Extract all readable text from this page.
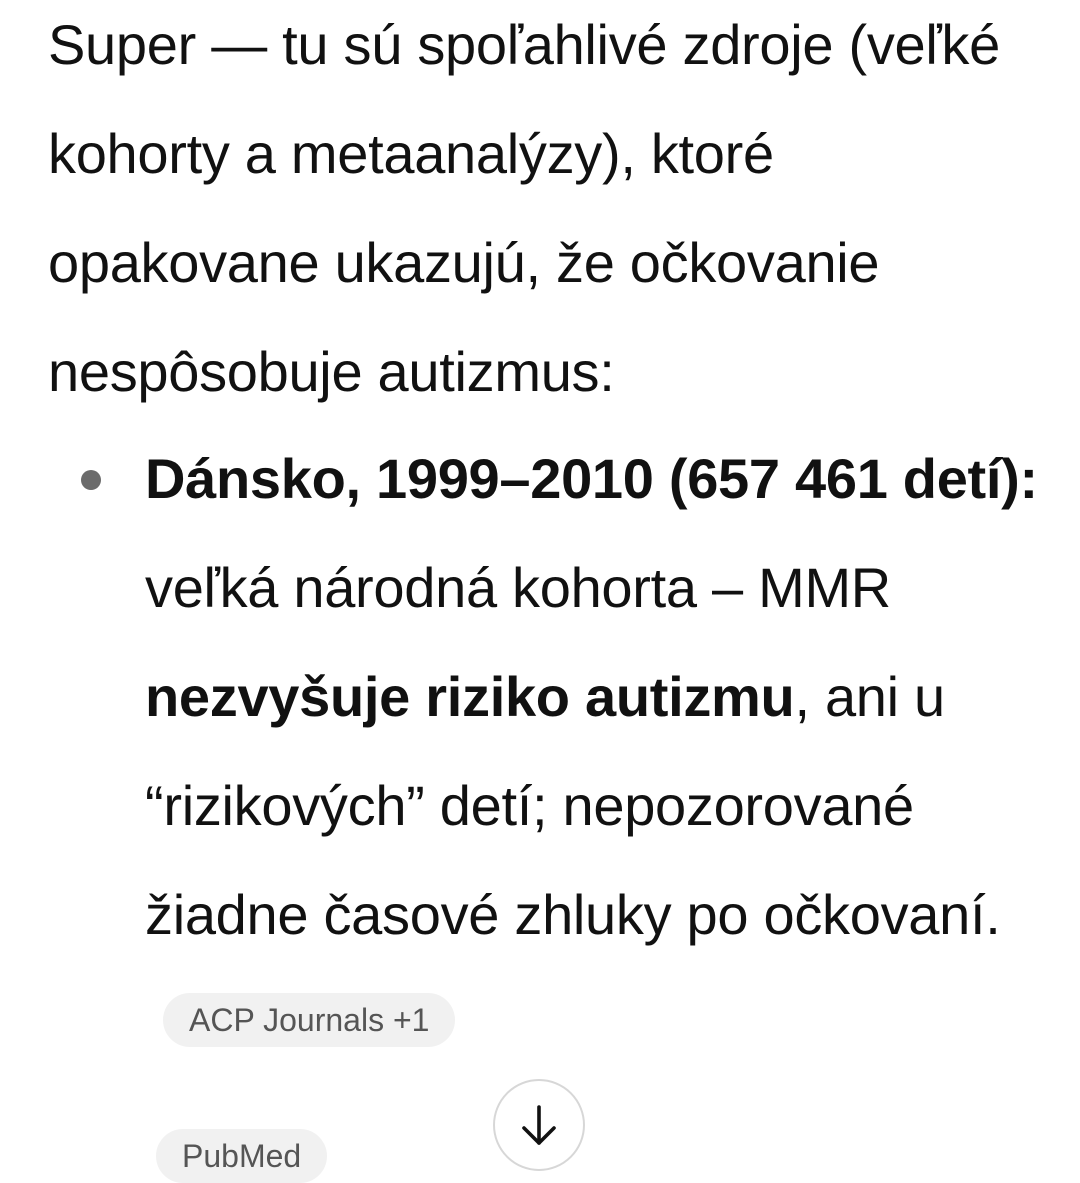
Super — tu sú spoľahlivé zdroje (veľké kohorty a metaanalýzy), ktoré opakovane ukazujú, že očkovanie nespôsobuje autizmus:

Dánsko, 1999–2010 (657 461 detí): veľká národná kohorta – MMR nezvyšuje riziko autizmu, ani u “rizikových” detí; nepozorované žiadne časové zhluky po očkovaní. ACP Journals +1
PubMed
